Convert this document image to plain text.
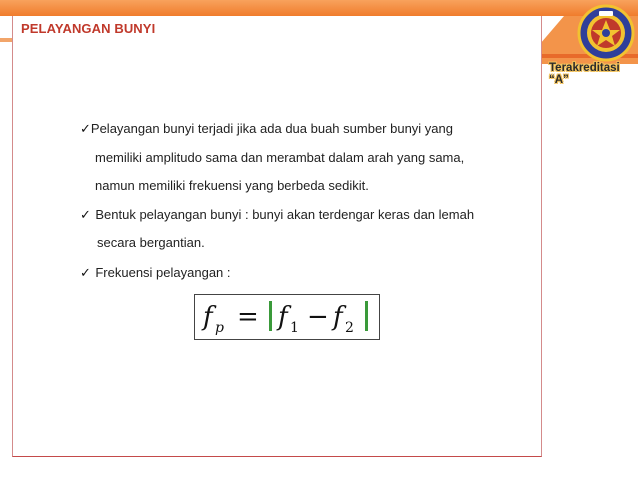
PELAYANGAN BUNYI
Terakreditasi “A”
✓Pelayangan bunyi terjadi jika ada dua buah sumber bunyi yang
memiliki amplitudo sama dan merambat dalam arah yang sama,
namun memiliki frekuensi yang berbeda sedikit.
✓ Bentuk pelayangan bunyi : bunyi akan terdengar keras dan lemah
secara bergantian.
✓ Frekuensi pelayangan :
f p = f 1 − f 2
